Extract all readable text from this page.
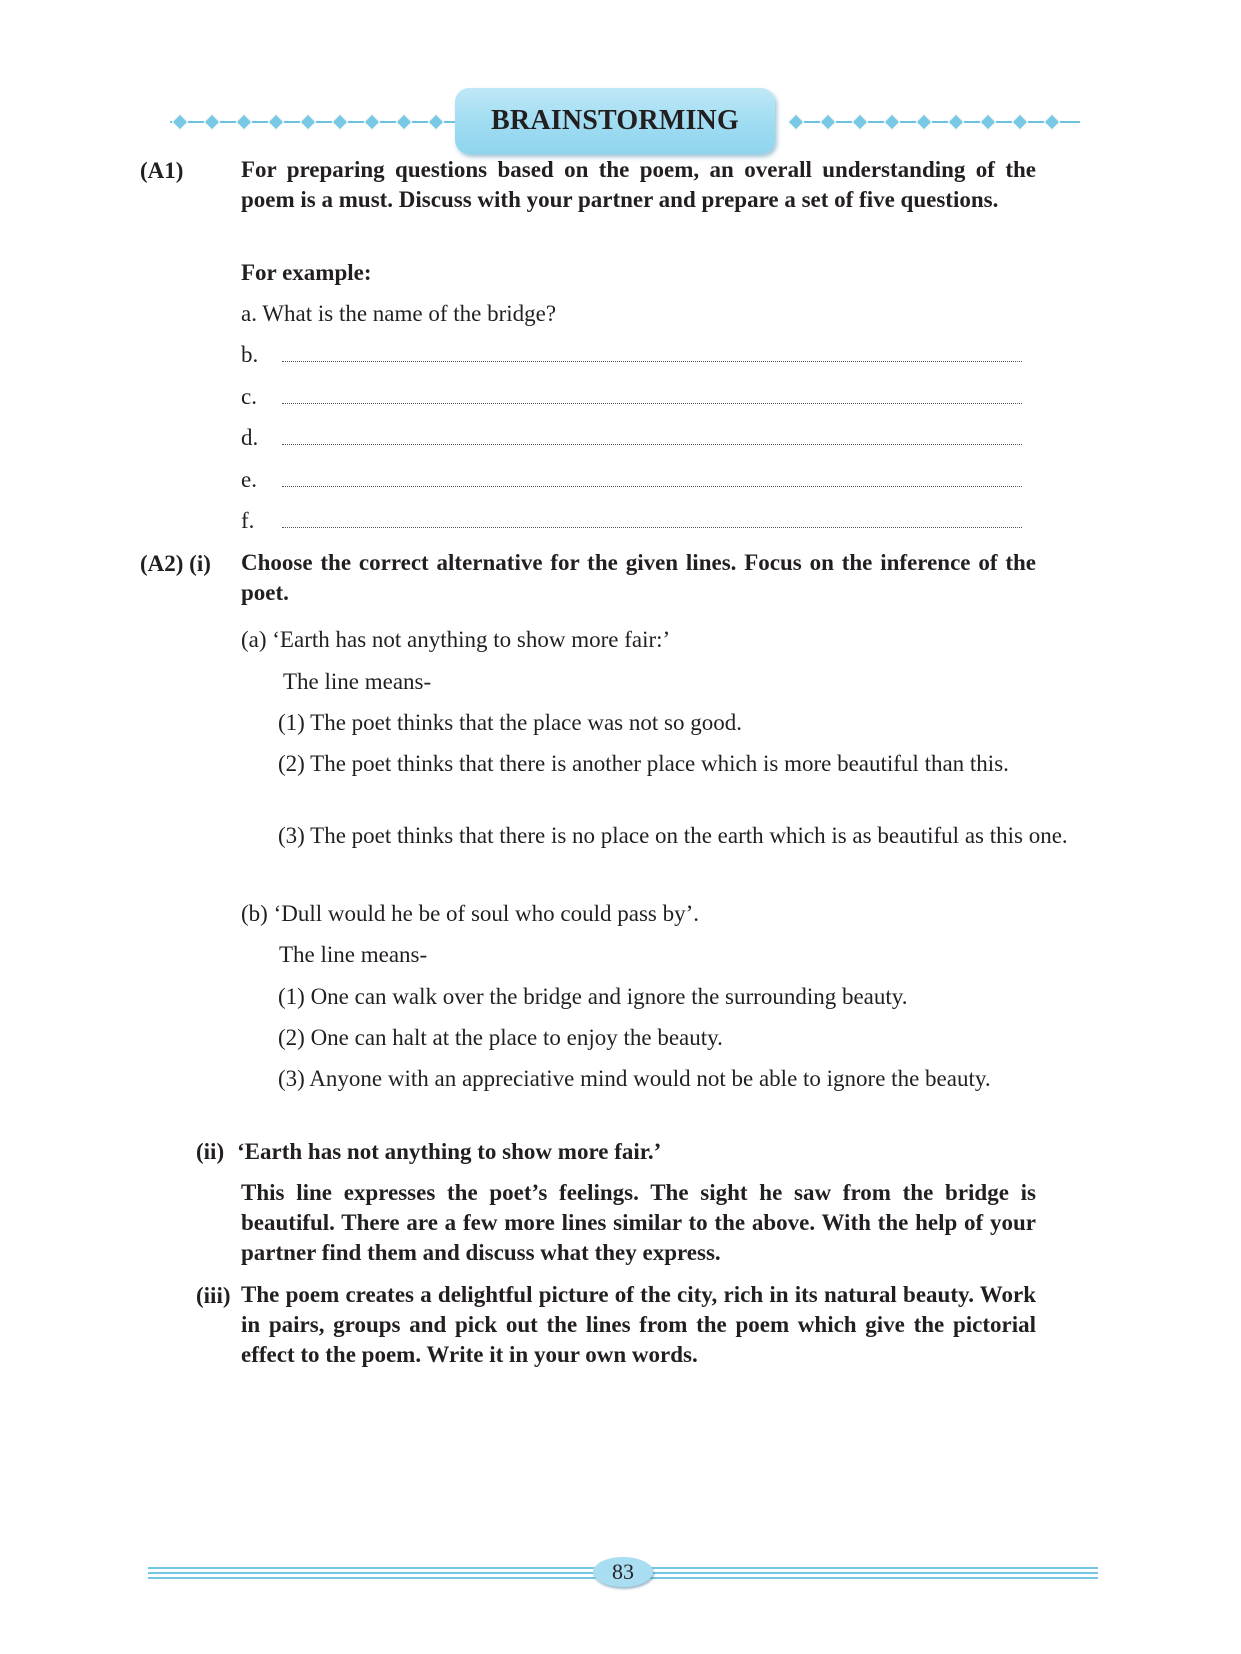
BRAINSTORMING
(A1)	For preparing questions based on the poem, an overall understanding of the poem is a must. Discuss with your partner and prepare a set of five questions.
For example:
a. What is the name of the bridge?
b.
c.
d.
e.
f.
(A2) (i) Choose the correct alternative for the given lines. Focus on the inference of the poet.
(a) ‘Earth has not anything to show more fair:’
The line means-
(1) The poet thinks that the place was not so good.
(2) The poet thinks that there is another place which is more beautiful than this.
(3) The poet thinks that there is no place on the earth which is as beautiful as this one.
(b) ‘Dull would he be of soul who could pass by’.
The line means-
(1) One can walk over the bridge and ignore the surrounding beauty.
(2) One can halt at the place to enjoy the beauty.
(3) Anyone with an appreciative mind would not be able to ignore the beauty.
(ii) ‘Earth has not anything to show more fair.’
This line expresses the poet’s feelings. The sight he saw from the bridge is beautiful. There are a few more lines similar to the above. With the help of your partner find them and discuss what they express.
(iii) The poem creates a delightful picture of the city, rich in its natural beauty. Work in pairs, groups and pick out the lines from the poem which give the pictorial effect to the poem. Write it in your own words.
83
